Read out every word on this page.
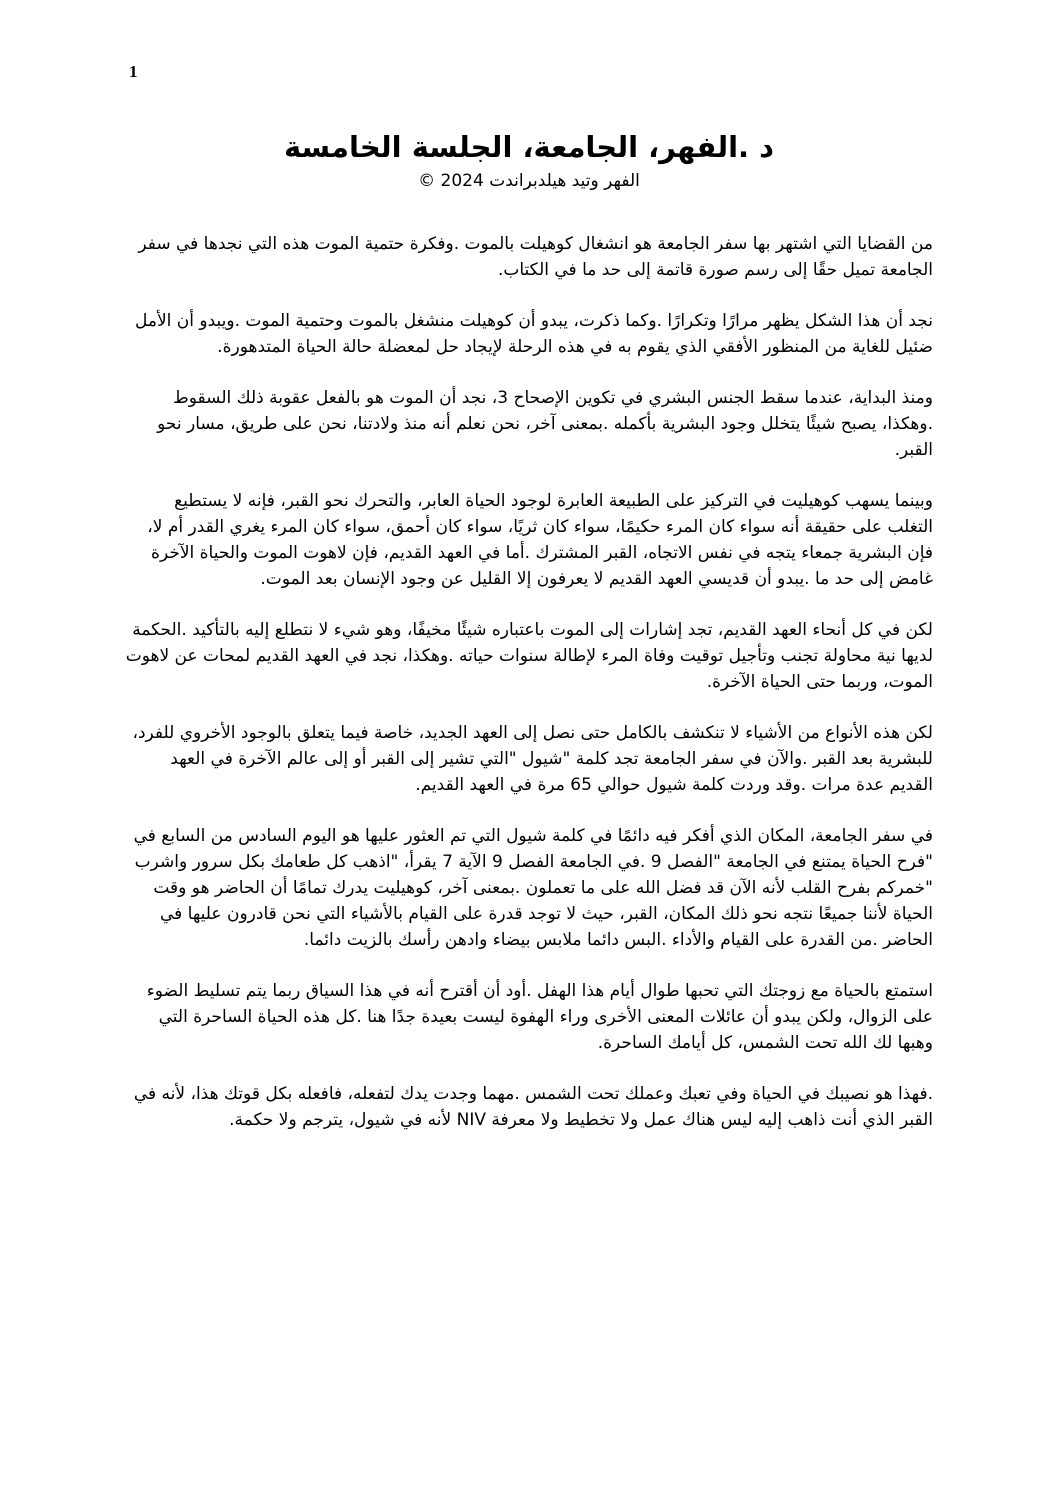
1
د .الفهر، الجامعة، الجلسة الخامسة
الفهر وتيد هيلدبراندت 2024 ©

من القضايا التي اشتهر بها سفر الجامعة هو انشغال كوهيلت بالموت .وفكرة حتمية الموت هذه التي نجدها في سفر الجامعة تميل حقًا إلى رسم صورة قاتمة إلى حد ما في الكتاب.

نجد أن هذا الشكل يظهر مرارًا وتكرارًا .وكما ذكرت، يبدو أن كوهيلت منشغل بالموت وحتمية الموت .ويبدو أن الأمل ضئيل للغاية من المنظور الأفقي الذي يقوم به في هذه الرحلة لإيجاد حل لمعضلة حالة الحياة المتدهورة.

ومنذ البداية، عندما سقط الجنس البشري في تكوين الإصحاح 3، نجد أن الموت هو بالفعل عقوبة ذلك السقوط .وهكذا، يصبح شيئًا يتخلل وجود البشرية بأكمله .بمعنى آخر، نحن نعلم أنه منذ ولادتنا، نحن على طريق، مسار نحو القبر.

وبينما يسهب كوهيليت في التركيز على الطبيعة العابرة لوجود الحياة العابر، والتحرك نحو القبر، فإنه لا يستطيع التغلب على حقيقة أنه سواء كان المرء حكيمًا، سواء كان ثريًا، سواء كان أحمق، سواء كان المرء يغري القدر أم لا، فإن البشرية جمعاء يتجه في نفس الاتجاه، القبر المشترك .أما في العهد القديم، فإن لاهوت الموت والحياة الآخرة غامض إلى حد ما .يبدو أن قديسي العهد القديم لا يعرفون إلا القليل عن وجود الإنسان بعد الموت.

لكن في كل أنحاء العهد القديم، تجد إشارات إلى الموت باعتباره شيئًا مخيفًا، وهو شيء لا نتطلع إليه بالتأكيد .الحكمة لديها نية محاولة تجنب وتأجيل توقيت وفاة المرء لإطالة سنوات حياته .وهكذا، نجد في العهد القديم لمحات عن لاهوت الموت، وربما حتى الحياة الآخرة.

لكن هذه الأنواع من الأشياء لا تنكشف بالكامل حتى نصل إلى العهد الجديد، خاصة فيما يتعلق بالوجود الأخروي للفرد، للبشرية بعد القبر .والآن في سفر الجامعة تجد كلمة "شيول "التي تشير إلى القبر أو إلى عالم الآخرة في العهد القديم عدة مرات .وقد وردت كلمة شيول حوالي 65 مرة في العهد القديم.

في سفر الجامعة، المكان الذي أفكر فيه دائمًا في كلمة شيول التي تم العثور عليها هو اليوم السادس من السابع في "فرح الحياة يمتنع في الجامعة "الفصل 9 .في الجامعة الفصل 9 الآية 7 يقرأ، "اذهب كل طعامك بكل سرور واشرب "خمركم بفرح القلب لأنه الآن قد فضل الله على ما تعملون .بمعنى آخر، كوهيليت يدرك تمامًا أن الحاضر هو وقت الحياة لأننا جميعًا نتجه نحو ذلك المكان، القبر، حيث لا توجد قدرة على القيام بالأشياء التي نحن قادرون عليها في الحاضر .من القدرة على القيام والأداء .البس دائما ملابس بيضاء وادهن رأسك بالزيت دائما.

استمتع بالحياة مع زوجتك التي تحبها طوال أيام هذا الهفل .أود أن أقترح أنه في هذا السياق ربما يتم تسليط الضوء على الزوال، ولكن يبدو أن عائلات المعنى الأخرى وراء الهفوة ليست بعيدة جدًا هنا .كل هذه الحياة الساحرة التي وهبها لك الله تحت الشمس، كل أيامك الساحرة.

.فهذا هو نصيبك في الحياة وفي تعبك وعملك تحت الشمس .مهما وجدت يدك لتفعله، فافعله بكل قوتك هذا، لأنه في القبر الذي أنت ذاهب إليه ليس هناك عمل ولا تخطيط ولا معرفة NIV لأنه في شيول، يترجم ولا حكمة.
